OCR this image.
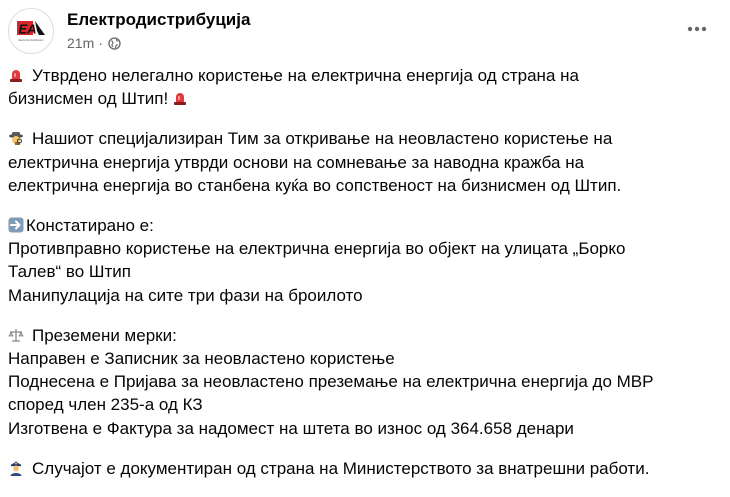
EA
Electricity Distribution
Електродистрибуција
21m ·
Утврдено нелегално користење на електрична енергија од страна на
бизнисмен од Штип!
Нашиот специјализиран Тим за откривање на неовластено користење на
електрична енергија утврди основи на сомневање за наводна кражба на
електрична енергија во станбена куќа во сопственост на бизнисмен од Штип.
Констатирано е:
Противправно користење на електрична енергија во објект на улицата „Борко
Талев“ во Штип
Манипулација на сите три фази на броилото
Преземени мерки:
Направен е Записник за неовластено користење
Поднесена е Пријава за неовластено преземање на електрична енергија до МВР
според член 235-а од КЗ
Изготвена е Фактура за надомест на штета во износ од 364.658 денари
Случајот е документиран од страна на Министерството за внатрешни работи.
